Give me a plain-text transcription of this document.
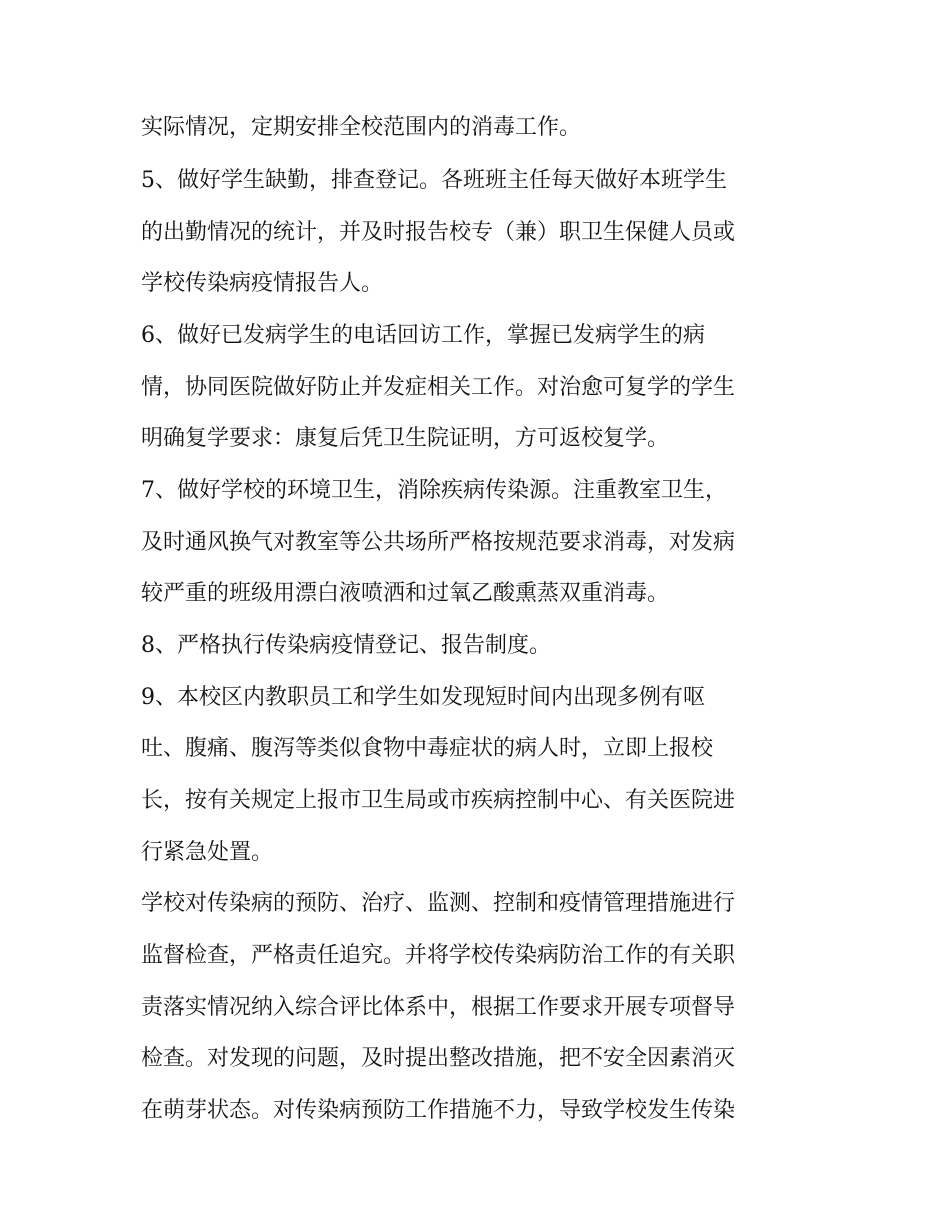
实际情况，定期安排全校范围内的消毒工作。
5、做好学生缺勤，排查登记。各班班主任每天做好本班学生
的出勤情况的统计，并及时报告校专（兼）职卫生保健人员或
学校传染病疫情报告人。
6、做好已发病学生的电话回访工作，掌握已发病学生的病
情，协同医院做好防止并发症相关工作。对治愈可复学的学生
明确复学要求：康复后凭卫生院证明，方可返校复学。
7、做好学校的环境卫生，消除疾病传染源。注重教室卫生，
及时通风换气对教室等公共场所严格按规范要求消毒，对发病
较严重的班级用漂白液喷洒和过氧乙酸熏蒸双重消毒。
8、严格执行传染病疫情登记、报告制度。
9、本校区内教职员工和学生如发现短时间内出现多例有呕
吐、腹痛、腹泻等类似食物中毒症状的病人时，立即上报校
长，按有关规定上报市卫生局或市疾病控制中心、有关医院进
行紧急处置。
学校对传染病的预防、治疗、监测、控制和疫情管理措施进行
监督检查，严格责任追究。并将学校传染病防治工作的有关职
责落实情况纳入综合评比体系中，根据工作要求开展专项督导
检查。对发现的问题，及时提出整改措施，把不安全因素消灭
在萌芽状态。对传染病预防工作措施不力，导致学校发生传染
